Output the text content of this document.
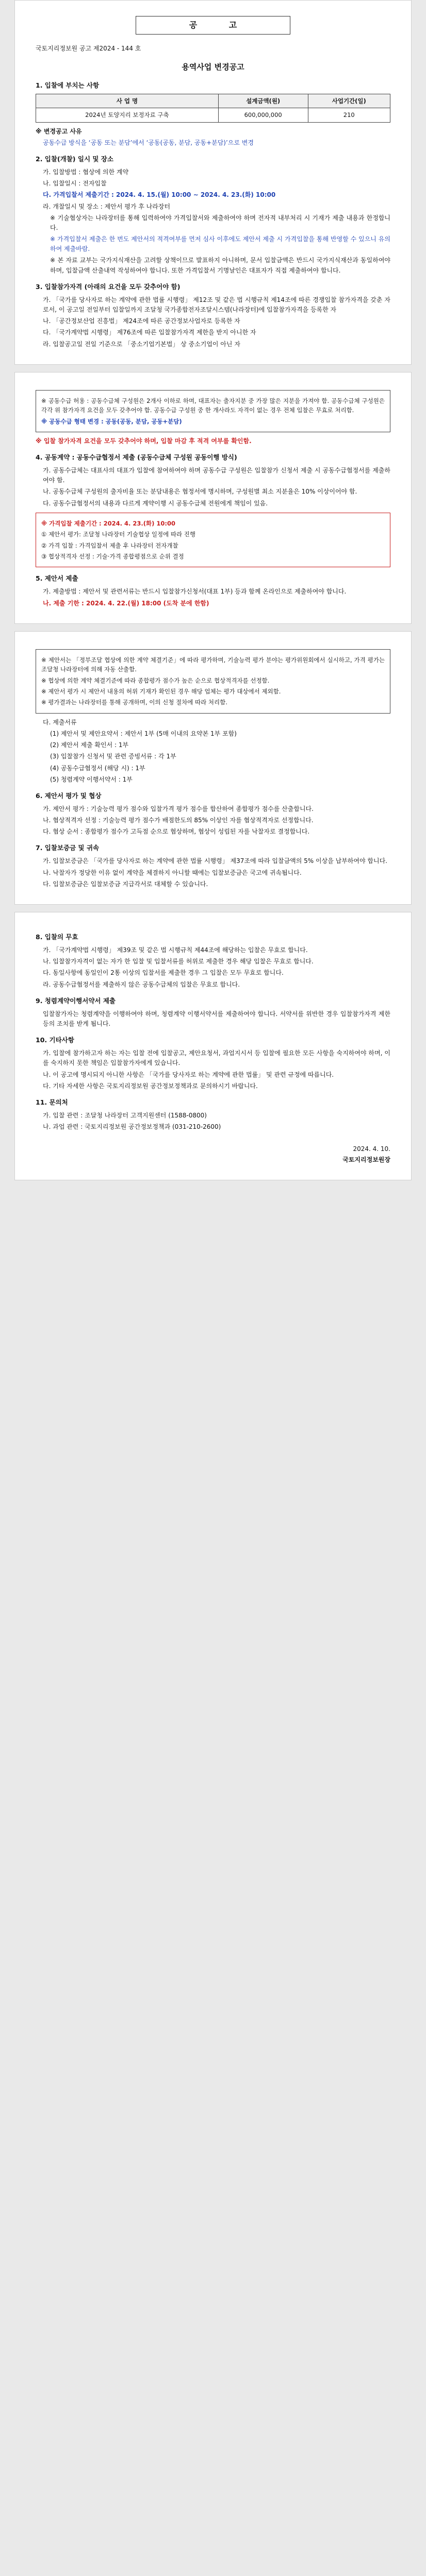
공 고
국토지리정보원 공고 제2024 - 144 호
용역사업 변경공고
1. 입찰에 부치는 사항
사 업 명	설계금액(원)	사업기간(일)
2024년 토양지리 보정자료 구축	600,000,000	210

※ 변경공고 사유

공동수급 방식을 ‘공동 또는 분담’에서 ‘공동(공동, 분담, 공동+분담)’으로 변경

2. 입찰(개찰) 일시 및 장소

가. 입찰방법 : 협상에 의한 계약

나. 입찰일시 : 전자입찰

다. 가격입찰서 제출기간 : 2024. 4. 15.(월) 10:00 ∼ 2024. 4. 23.(화) 10:00

라. 개찰일시 및 장소 : 제안서 평가 후 나라장터

※ 기술협상자는 나라장터를 통해 입력하여야 가격입찰서와 제출하여야 하며 전자적 내부처리 시 기재가 제출 내용과 한정합니다.

※ 가격입찰서 제출은 한 번도 제안서의 적격여부를 먼저 심사 이후에도 제안서 제출 시 가격입찰을 통해 반영할 수 있으니 유의하여 제출바람.

※ 본 자료 교부는 국가지식재산을 고려할 상책이므로 발표하지 아니하며, 문서 입찰금액은 반드시 국가지식재산과 동일하여야 하며, 입찰금액 산출내역 작성하여야 합니다. 또한 가격입찰서 기명날인은 대표자가 직접 제출하여야 합니다.

3. 입찰참가자격 (아래의 요건을 모두 갖추어야 함)

가. 「국가를 당사자로 하는 계약에 관한 법률 시행령」 제12조 및 같은 법 시행규칙 제14조에 따른 경쟁입찰 참가자격을 갖춘 자로서, 이 공고일 전일부터 입찰일까지 조달청 국가종합전자조달시스템(나라장터)에 입찰참가자격을 등록한 자

나. 「공간정보산업 진흥법」 제24조에 따른 공간정보사업자로 등록한 자

다. 「국가계약법 시행령」 제76조에 따른 입찰참가자격 제한을 받지 아니한 자

라. 입찰공고일 전일 기준으로 「중소기업기본법」 상 중소기업이 아닌 자

※ 공동수급 허용 : 공동수급체 구성원은 2개사 이하로 하며, 대표자는 출자지분 중 가장 많은 지분을 가져야 함. 공동수급체 구성원은 각각 위 참가자격 요건을 모두 갖추어야 함. 공동수급 구성원 중 한 개사라도 자격이 없는 경우 전체 입찰은 무효로 처리함.

※ 공동수급 형태 변경 : 공동(공동, 분담, 공동+분담)

※ 입찰 참가자격 요건을 모두 갖추어야 하며, 입찰 마감 후 적격 여부를 확인함.

4. 공동계약 : 공동수급협정서 제출 (공동수급체 구성원 공동이행 방식)

가. 공동수급체는 대표사의 대표가 입찰에 참여하여야 하며 공동수급 구성원은 입찰참가 신청서 제출 시 공동수급협정서를 제출하여야 함.

나. 공동수급체 구성원의 출자비율 또는 분담내용은 협정서에 명시하며, 구성원별 최소 지분율은 10% 이상이어야 함.

다. 공동수급협정서의 내용과 다르게 계약이행 시 공동수급체 전원에게 책임이 있음.

※ 가격입찰 제출기간 : 2024. 4. 23.(화) 10:00

① 제안서 평가: 조달청 나라장터 기술협상 일정에 따라 진행

② 가격 입찰 : 가격입찰서 제출 후 나라장터 전자개찰

③ 협상적격자 선정 : 기술·가격 종합평점으로 순위 결정

5. 제안서 제출

가. 제출방법 : 제안서 및 관련서류는 반드시 입찰참가신청서(대표 1부) 등과 함께 온라인으로 제출하여야 합니다.

나. 제출 기한 : 2024. 4. 22.(월) 18:00 (도착 분에 한함)

※ 제안서는 「정부조달 협상에 의한 계약 체결기준」에 따라 평가하며, 기술능력 평가 분야는 평가위원회에서 실시하고, 가격 평가는 조달청 나라장터에 의해 자동 산출함.

※ 협상에 의한 계약 체결기준에 따라 종합평가 점수가 높은 순으로 협상적격자를 선정함.

※ 제안서 평가 시 제안서 내용의 허위 기재가 확인된 경우 해당 업체는 평가 대상에서 제외함.

※ 평가결과는 나라장터를 통해 공개하며, 이의 신청 절차에 따라 처리함.

다. 제출서류

(1) 제안서 및 제안요약서 : 제안서 1부 (5매 이내의 요약본 1부 포함)

(2) 제안서 제출 확인서 : 1부

(3) 입찰참가 신청서 및 관련 증빙서류 : 각 1부

(4) 공동수급협정서 (해당 시) : 1부

(5) 청렴계약 이행서약서 : 1부

6. 제안서 평가 및 협상

가. 제안서 평가 : 기술능력 평가 점수와 입찰가격 평가 점수를 합산하여 종합평가 점수를 산출합니다.

나. 협상적격자 선정 : 기술능력 평가 점수가 배점한도의 85% 이상인 자를 협상적격자로 선정합니다.

다. 협상 순서 : 종합평가 점수가 고득점 순으로 협상하며, 협상이 성립된 자를 낙찰자로 결정합니다.

7. 입찰보증금 및 귀속

가. 입찰보증금은 「국가를 당사자로 하는 계약에 관한 법률 시행령」 제37조에 따라 입찰금액의 5% 이상을 납부하여야 합니다.

나. 낙찰자가 정당한 이유 없이 계약을 체결하지 아니할 때에는 입찰보증금은 국고에 귀속됩니다.

다. 입찰보증금은 입찰보증금 지급각서로 대체할 수 있습니다.

8. 입찰의 무효

가. 「국가계약법 시행령」 제39조 및 같은 법 시행규칙 제44조에 해당하는 입찰은 무효로 합니다.

나. 입찰참가자격이 없는 자가 한 입찰 및 입찰서류를 허위로 제출한 경우 해당 입찰은 무효로 합니다.

다. 동일사항에 동일인이 2통 이상의 입찰서를 제출한 경우 그 입찰은 모두 무효로 합니다.

라. 공동수급협정서를 제출하지 않은 공동수급체의 입찰은 무효로 합니다.

9. 청렴계약이행서약서 제출

입찰참가자는 청렴계약을 이행하여야 하며, 청렴계약 이행서약서를 제출하여야 합니다. 서약서를 위반한 경우 입찰참가자격 제한 등의 조치를 받게 됩니다.

10. 기타사항

가. 입찰에 참가하고자 하는 자는 입찰 전에 입찰공고, 제안요청서, 과업지시서 등 입찰에 필요한 모든 사항을 숙지하여야 하며, 이를 숙지하지 못한 책임은 입찰참가자에게 있습니다.

나. 이 공고에 명시되지 아니한 사항은 「국가를 당사자로 하는 계약에 관한 법률」 및 관련 규정에 따릅니다.

다. 기타 자세한 사항은 국토지리정보원 공간정보정책과로 문의하시기 바랍니다.

11. 문의처

가. 입찰 관련 : 조달청 나라장터 고객지원센터 (1588-0800)

나. 과업 관련 : 국토지리정보원 공간정보정책과 (031-210-2600)

2024. 4. 10.
국토지리정보원장
